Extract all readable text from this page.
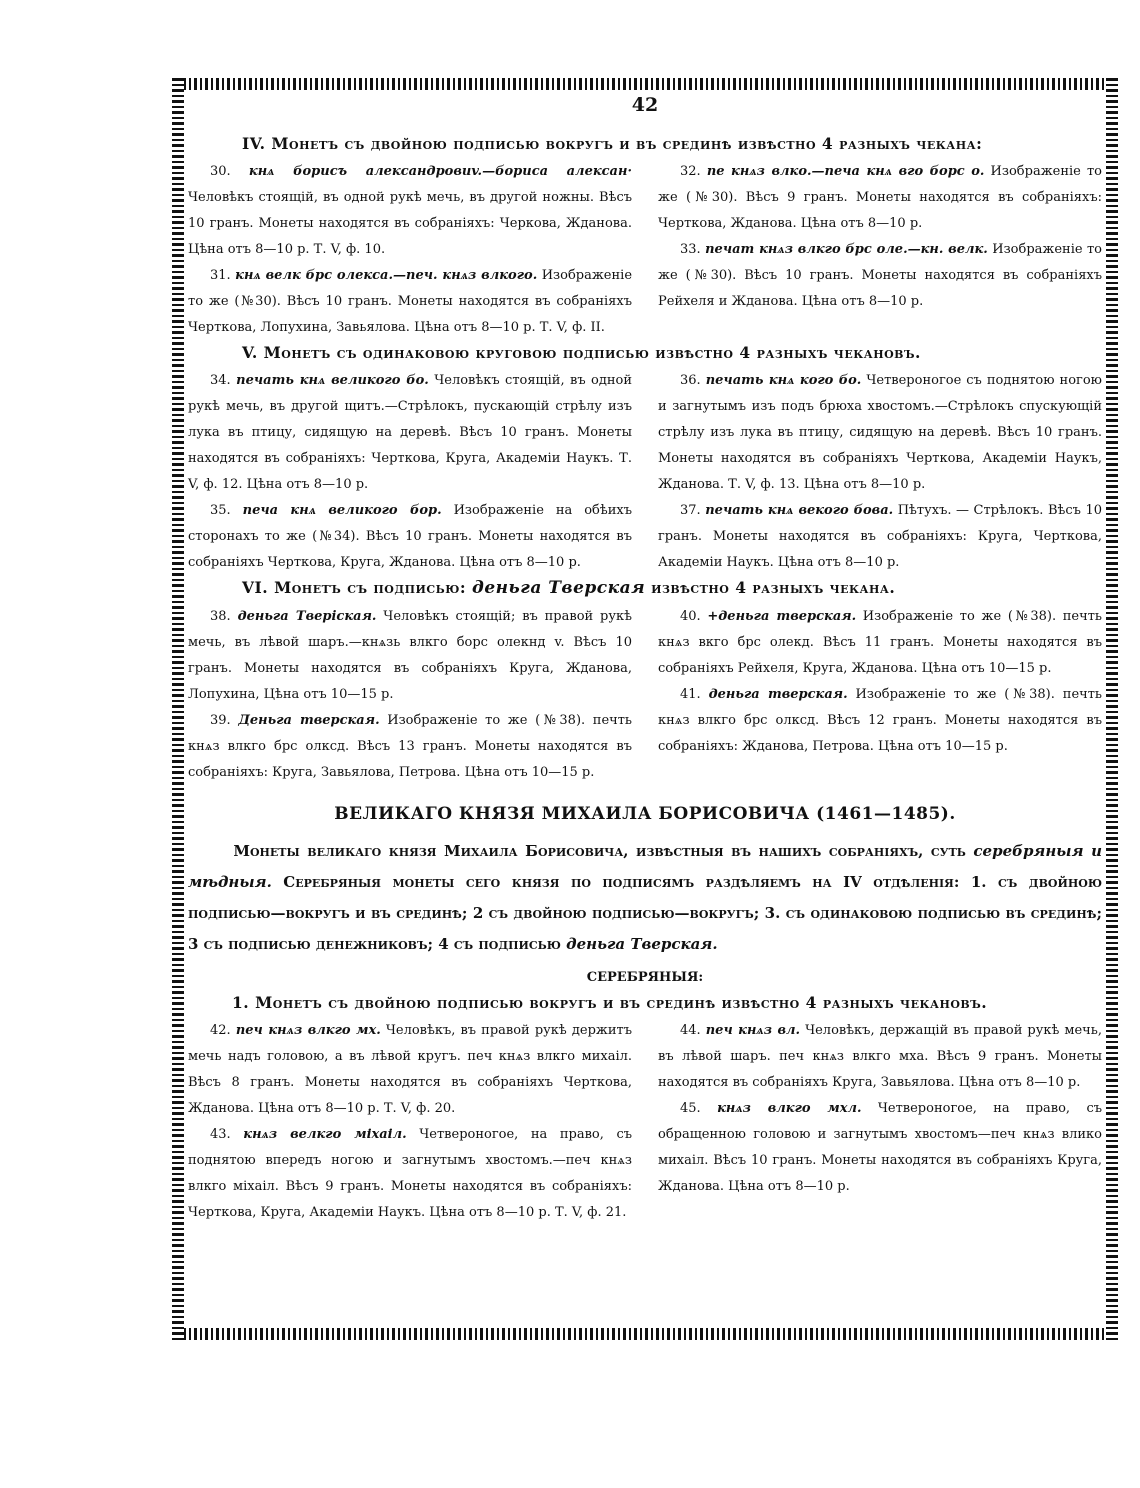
42
IV. Монетъ съ двойною подписью вокругъ и въ срединѣ извѣстно 4 разныхъ чекана:

30. кнѧ борисъ александровиv.—бориса алексан· Человѣкъ стоящій, въ одной рукѣ мечь, въ другой ножны. Вѣсъ 10 гранъ. Монеты находятся въ собраніяхъ: Черкова, Жданова. Цѣна отъ 8—10 р. Т. V, ф. 10.

31. кнѧ велк брс олекса.—печ. кнѧз влкого. Изображеніе то же (№30). Вѣсъ 10 гранъ. Монеты находятся въ собраніяхъ Черткова, Лопухина, Завьялова. Цѣна отъ 8—10 р. Т. V, ф. II.

32. пе кнѧз влко.—печа кнѧ вго борс о. Изображеніе то же (№30). Вѣсъ 9 гранъ. Монеты находятся въ собраніяхъ: Черткова, Жданова. Цѣна отъ 8—10 р.

33. печат кнѧз влкго брс оле.—кн. велк. Изображеніе то же (№30). Вѣсъ 10 гранъ. Монеты находятся въ собраніяхъ Рейхеля и Жданова. Цѣна отъ 8—10 р.

V. Монетъ съ одинаковою круговою подписью извѣстно 4 разныхъ чекановъ.

34. печать кнѧ великого бо. Человѣкъ стоящій, въ одной рукѣ мечь, въ другой щитъ.—Стрѣлокъ, пускающій стрѣлу изъ лука въ птицу, сидящую на деревѣ. Вѣсъ 10 гранъ. Монеты находятся въ собраніяхъ: Черткова, Круга, Академіи Наукъ. Т. V, ф. 12. Цѣна отъ 8—10 р.

35. печа кнѧ великого бор. Изображеніе на обѣихъ сторонахъ то же (№34). Вѣсъ 10 гранъ. Монеты находятся въ собраніяхъ Черткова, Круга, Жданова. Цѣна отъ 8—10 р.

36. печать кнѧ кого бо. Четвероногое съ поднятою ногою и загнутымъ изъ подъ брюха хвостомъ.—Стрѣлокъ спускующій стрѣлу изъ лука въ птицу, сидящую на деревѣ. Вѣсъ 10 гранъ. Монеты находятся въ собраніяхъ Черткова, Академіи Наукъ, Жданова. Т. V, ф. 13. Цѣна отъ 8—10 р.

37. печать кнѧ векого бова. Пѣтухъ. — Стрѣлокъ. Вѣсъ 10 гранъ. Монеты находятся въ собраніяхъ: Круга, Черткова, Академіи Наукъ. Цѣна отъ 8—10 р.

VI. Монетъ съ подписью: деньга Тверская извѣстно 4 разныхъ чекана.

38. деньга Тверiская. Человѣкъ стоящій; въ правой рукѣ мечь, въ лѣвой шаръ.—кнѧзь влкго борс олекнд v. Вѣсъ 10 гранъ. Монеты находятся въ собраніяхъ Круга, Жданова, Лопухина, Цѣна отъ 10—15 р.

39. Деньга тверская. Изображеніе то же (№38). печть кнѧз влкго брс олксд. Вѣсъ 13 гранъ. Монеты находятся въ собраніяхъ: Круга, Завьялова, Петрова. Цѣна отъ 10—15 р.

40. +деньга тверская. Изображеніе то же (№38). печть кнѧз вкго брс олекд. Вѣсъ 11 гранъ. Монеты находятся въ собраніяхъ Рейхеля, Круга, Жданова. Цѣна отъ 10—15 р.

41. деньга тверская. Изображеніе то же (№38). печть кнѧз влкго брс олксд. Вѣсъ 12 гранъ. Монеты находятся въ собраніяхъ: Жданова, Петрова. Цѣна отъ 10—15 р.

ВЕЛИКАГО КНЯЗЯ МИХАИЛА БОРИСОВИЧА (1461—1485).

Монеты великаго князя Михаила Борисовича, извѣстныя въ нашихъ собраніяхъ, суть серебряныя и мѣдныя. Серебряныя монеты сего князя по подписямъ раздѣляемъ на IV отдѣленія: 1. съ двойною подписью—вокругъ и въ срединѣ; 2 съ двойною подписью—вокругъ; 3. съ одинаковою подписью въ срединѣ; 3 съ подписью денежниковъ; 4 съ подписью деньга Тверская.

СЕРЕБРЯНЫЯ:
1. Монетъ съ двойною подписью вокругъ и въ срединѣ извѣстно 4 разныхъ чекановъ.

42. печ кнѧз влкго мх. Человѣкъ, въ правой рукѣ держитъ мечь надъ головою, а въ лѣвой кругъ. печ кнѧз влкго михаіл. Вѣсъ 8 гранъ. Монеты находятся въ собраніяхъ Черткова, Жданова. Цѣна отъ 8—10 р. Т. V, ф. 20.

43. кнѧз велкго міхаіл. Четвероногое, на право, съ поднятою впередъ ногою и загнутымъ хвостомъ.—печ кнѧз влкго міхаіл. Вѣсъ 9 гранъ. Монеты находятся въ собраніяхъ: Черткова, Круга, Академіи Наукъ. Цѣна отъ 8—10 р. Т. V, ф. 21.

44. печ кнѧз вл. Человѣкъ, держащій въ правой рукѣ мечь, въ лѣвой шаръ. печ кнѧз влкго мха. Вѣсъ 9 гранъ. Монеты находятся въ собраніяхъ Круга, Завьялова. Цѣна отъ 8—10 р.

45. кнѧз влкго мхл. Четвероногое, на право, съ обращенною головою и загнутымъ хвостомъ—печ кнѧз влико михаіл. Вѣсъ 10 гранъ. Монеты находятся въ собраніяхъ Круга, Жданова. Цѣна отъ 8—10 р.
